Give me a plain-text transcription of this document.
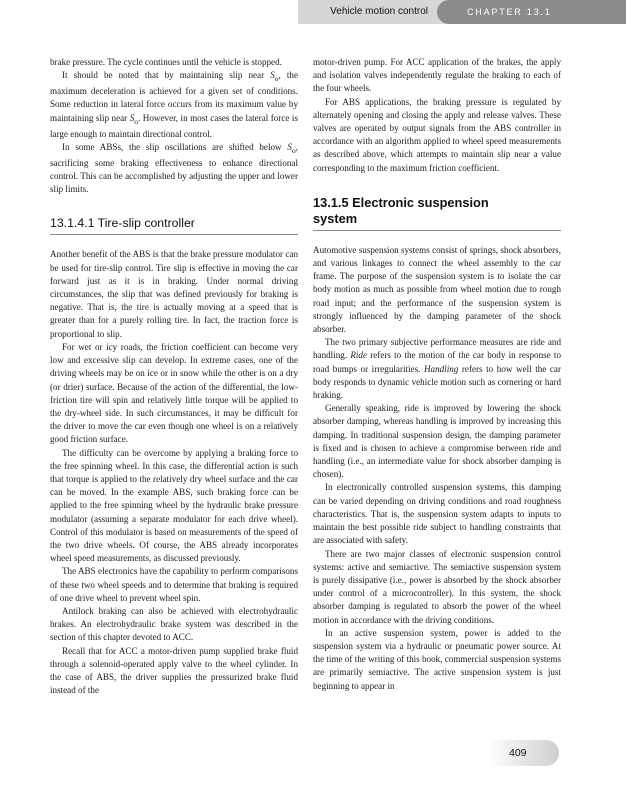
Vehicle motion control	CHAPTER 13.1

brake pressure. The cycle continues until the vehicle is stopped.

It should be noted that by maintaining slip near $S_o$, the maximum deceleration is achieved for a given set of conditions. Some reduction in lateral force occurs from its maximum value by maintaining slip near $S_o$. However, in most cases the lateral force is large enough to maintain directional control.

In some ABSs, the slip oscillations are shifted below $S_o$, sacrificing some braking effectiveness to enhance directional control. This can be accomplished by adjusting the upper and lower slip limits.

13.1.4.1 Tire-slip controller

Another benefit of the ABS is that the brake pressure modulator can be used for tire-slip control. Tire slip is effective in moving the car forward just as it is in braking. Under normal driving circumstances, the slip that was defined previously for braking is negative. That is, the tire is actually moving at a speed that is greater than for a purely rolling tire. In fact, the traction force is proportional to slip.

For wet or icy roads, the friction coefficient can become very low and excessive slip can develop. In extreme cases, one of the driving wheels may be on ice or in snow while the other is on a dry (or drier) surface. Because of the action of the differential, the low-friction tire will spin and relatively little torque will be applied to the dry-wheel side. In such circumstances, it may be difficult for the driver to move the car even though one wheel is on a relatively good friction surface.

The difficulty can be overcome by applying a braking force to the free spinning wheel. In this case, the differential action is such that torque is applied to the relatively dry wheel surface and the car can be moved. In the example ABS, such braking force can be applied to the free spinning wheel by the hydraulic brake pressure modulator (assuming a separate modulator for each drive wheel). Control of this modulator is based on measurements of the speed of the two drive wheels. Of course, the ABS already incorporates wheel speed measurements, as discussed previously.

The ABS electronics have the capability to perform comparisons of these two wheel speeds and to determine that braking is required of one drive wheel to prevent wheel spin.

Antilock braking can also be achieved with electrohydraulic brakes. An electrohydraulic brake system was described in the section of this chapter devoted to ACC.

Recall that for ACC a motor-driven pump supplied brake fluid through a solenoid-operated apply valve to the wheel cylinder. In the case of ABS, the driver supplies the pressurized brake fluid instead of the

motor-driven pump. For ACC application of the brakes, the apply and isolation valves independently regulate the braking to each of the four wheels.

For ABS applications, the braking pressure is regulated by alternately opening and closing the apply and release valves. These valves are operated by output signals from the ABS controller in accordance with an algorithm applied to wheel speed measurements as described above, which attempts to maintain slip near a value corresponding to the maximum friction coefficient.

13.1.5 Electronic suspension
system

Automotive suspension systems consist of springs, shock absorbers, and various linkages to connect the wheel assembly to the car frame. The purpose of the suspension system is to isolate the car body motion as much as possible from wheel motion due to rough road input; and the performance of the suspension system is strongly influenced by the damping parameter of the shock absorber.

The two primary subjective performance measures are ride and handling. Ride refers to the motion of the car body in response to road bumps or irregularities. Handling refers to how well the car body responds to dynamic vehicle motion such as cornering or hard braking.

Generally speaking, ride is improved by lowering the shock absorber damping, whereas handling is improved by increasing this damping. In traditional suspension design, the damping parameter is fixed and is chosen to achieve a compromise between ride and handling (i.e., an intermediate value for shock absorber damping is chosen).

In electronically controlled suspension systems, this damping can be varied depending on driving conditions and road roughness characteristics. That is, the suspension system adapts to inputs to maintain the best possible ride subject to handling constraints that are associated with safety.

There are two major classes of electronic suspension control systems: active and semiactive. The semiactive suspension system is purely dissipative (i.e., power is absorbed by the shock absorber under control of a microcontroller). In this system, the shock absorber damping is regulated to absorb the power of the wheel motion in accordance with the driving conditions.

In an active suspension system, power is added to the suspension system via a hydraulic or pneumatic power source. At the time of the writing of this book, commercial suspension systems are primarily semiactive. The active suspension system is just beginning to appear in

409
